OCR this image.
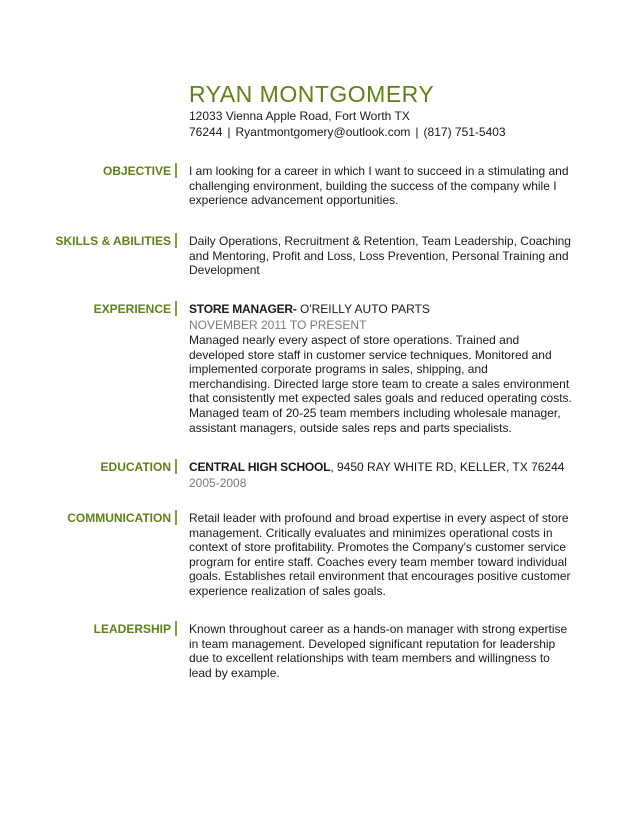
RYAN MONTGOMERY
12033 Vienna Apple Road, Fort Worth TX
76244 | Ryantmontgomery@outlook.com | (817) 751-5403
OBJECTIVE I am looking for a career in which I want to succeed in a stimulating and challenging environment, building the success of the company while I experience advancement opportunities.
SKILLS & ABILITIES Daily Operations, Recruitment & Retention, Team Leadership, Coaching and Mentoring, Profit and Loss, Loss Prevention, Personal Training and Development
EXPERIENCE STORE MANAGER- O'REILLY AUTO PARTS

NOVEMBER 2011 TO PRESENT

Managed nearly every aspect of store operations. Trained and developed store staff in customer service techniques. Monitored and implemented corporate programs in sales, shipping, and merchandising. Directed large store team to create a sales environment that consistently met expected sales goals and reduced operating costs. Managed team of 20-25 team members including wholesale manager, assistant managers, outside sales reps and parts specialists.

EDUCATION CENTRAL HIGH SCHOOL, 9450 RAY WHITE RD, KELLER, TX 76244

2005-2008

COMMUNICATION Retail leader with profound and broad expertise in every aspect of store management. Critically evaluates and minimizes operational costs in context of store profitability. Promotes the Company's customer service program for entire staff. Coaches every team member toward individual goals. Establishes retail environment that encourages positive customer experience realization of sales goals.
LEADERSHIP Known throughout career as a hands-on manager with strong expertise in team management. Developed significant reputation for leadership due to excellent relationships with team members and willingness to lead by example.
